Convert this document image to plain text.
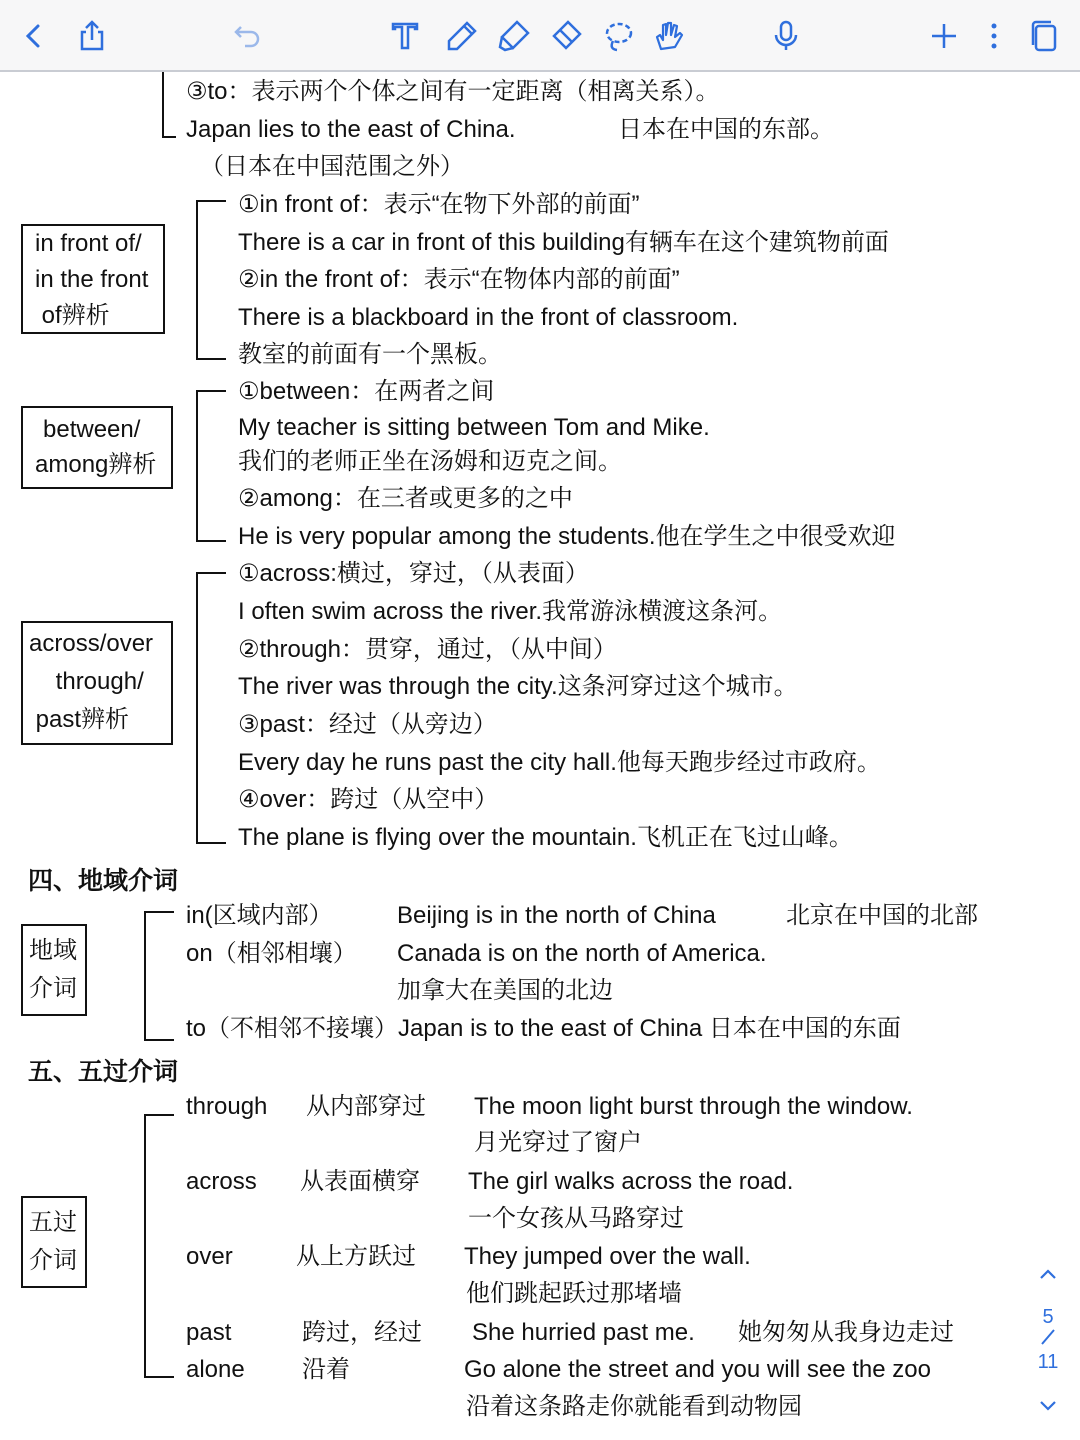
③to：表示两个个体之间有一定距离（相离关系）。
Japan lies to the east of China.	日本在中国的东部。
（日本在中国范围之外）
in front of/
in the front
of辨析
①in front of：表示“在物下外部的前面”
There is a car in front of this building有辆车在这个建筑物前面
②in the front of：表示“在物体内部的前面”
There is a blackboard in the front of classroom.
教室的前面有一个黑板。
between/
among辨析
①between：在两者之间
My teacher is sitting between Tom and Mike.
我们的老师正坐在汤姆和迈克之间。
②among：在三者或更多的之中
He is very popular among the students.他在学生之中很受欢迎
across/over
through/
past辨析
①across:横过，穿过，（从表面）
I often swim across the river.我常游泳横渡这条河。
②through：贯穿，通过，（从中间）
The river was through the city.这条河穿过这个城市。
③past：经过（从旁边）
Every day he runs past the city hall.他每天跑步经过市政府。
④over：跨过（从空中）
The plane is flying over the mountain.飞机正在飞过山峰。
四、地域介词
地域
介词
in(区域内部）	Beijing is in the north of China	北京在中国的北部
on（相邻相壤） Canada is on the north of America.
加拿大在美国的北边
to（不相邻不接壤）Japan is to the east of China 日本在中国的东面
五、五过介词
五过
介词
through 从内部穿过 The moon light burst through the window.
月光穿过了窗户
across 从表面横穿 The girl walks across the road.
一个女孩从马路穿过
over	从上方跃过 They jumped over the wall.
他们跳起跃过那堵墙
past	跨过，经过 She hurried past me. 她匆匆从我身边走过
alone 沿着	Go alone the street and you will see the zoo
沿着这条路走你就能看到动物园
5
11
